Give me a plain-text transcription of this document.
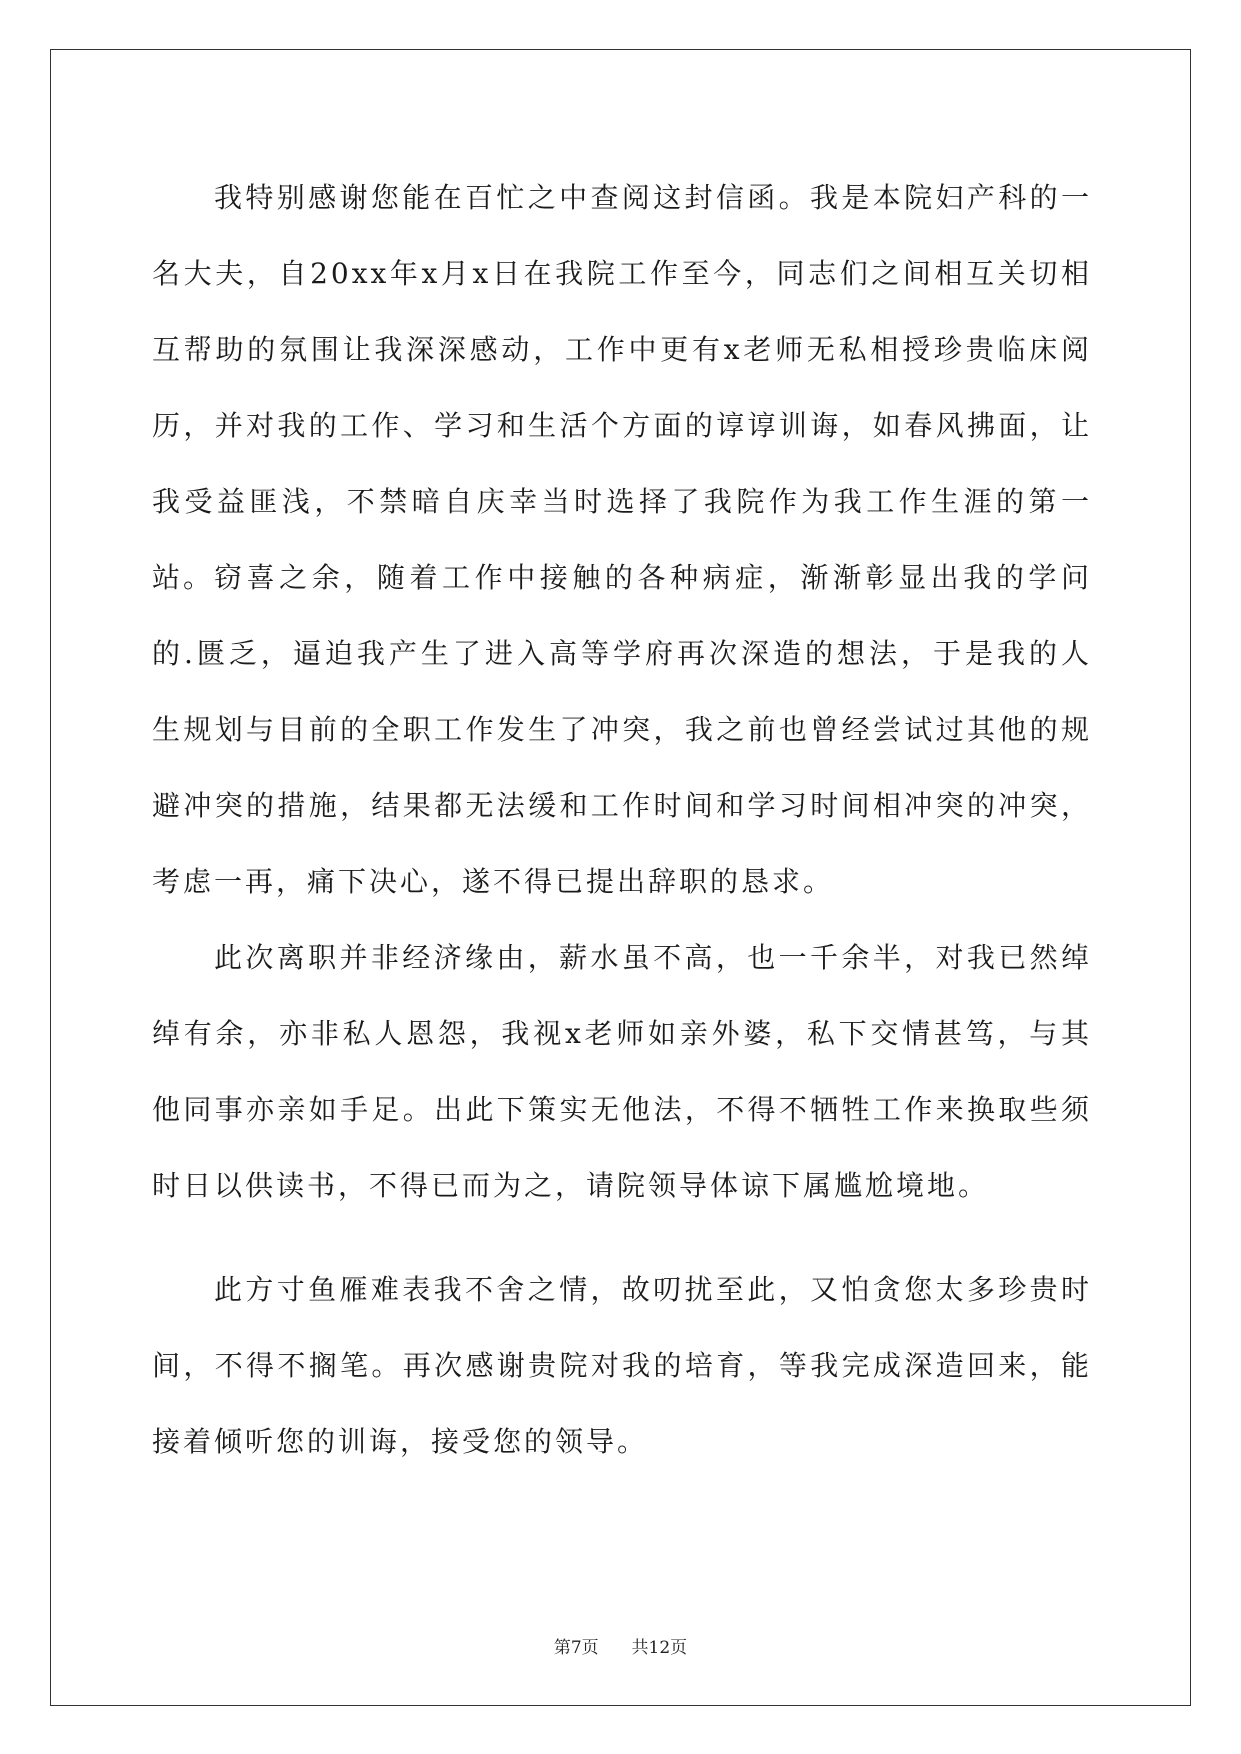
我特别感谢您能在百忙之中查阅这封信函。我是本院妇产科的一名大夫，自20xx年x月x日在我院工作至今，同志们之间相互关切相互帮助的氛围让我深深感动，工作中更有x老师无私相授珍贵临床阅历，并对我的工作、学习和生活个方面的谆谆训诲，如春风拂面，让我受益匪浅，不禁暗自庆幸当时选择了我院作为我工作生涯的第一站。 窃喜之余，随着工作中接触的各种病症，渐渐彰显出我的学问的.匮乏，逼迫我产生了进入高等学府再次深造的想法，于是我的人生规划与目前的全职工作发生了冲突，我之前也曾经尝试过其他的规避冲突的措施，结果都无法缓和工作时间和学习时间相冲突的冲突，考虑一再，痛下决心，遂不得已提出辞职的恳求。

此次离职并非经济缘由，薪水虽不高，也一千余半，对我已然绰绰有余，亦非私人恩怨，我视x老师如亲外婆，私下交情甚笃，与其他同事亦亲如手足。出此下策实无他法，不得不牺牲工作来换取些须时日以供读书，不得已而为之，请院领导体谅下属尴尬境地。

此方寸鱼雁难表我不舍之情，故叨扰至此，又怕贪您太多珍贵时间，不得不搁笔。再次感谢贵院对我的培育，等我完成深造回来，能接着倾听您的训诲，接受您的领导。

第7页 共12页
